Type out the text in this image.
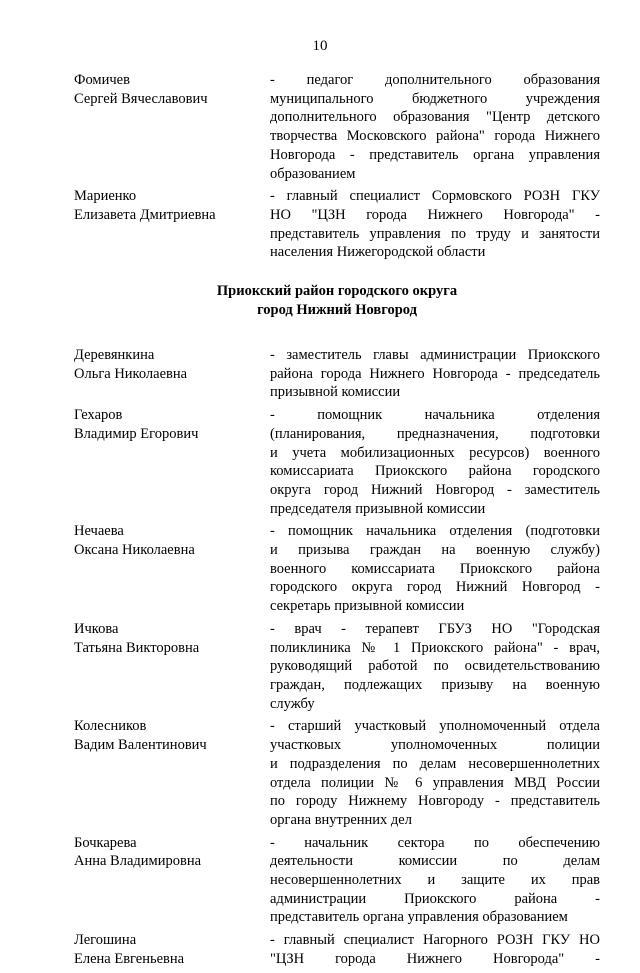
10
Фомичев
Сергей Вячеславович
- педагог дополнительного образования
муниципального бюджетного учреждения
дополнительного образования "Центр детского
творчества Московского района" города Нижнего
Новгорода - представитель органа управления
образованием
Мариенко
Елизавета Дмитриевна
- главный специалист Сормовского РОЗН ГКУ
НО "ЦЗН города Нижнего Новгорода" -
представитель управления по труду и занятости
населения Нижегородской области
Приокский район городского округа
город Нижний Новгород
Деревянкина
Ольга Николаевна
- заместитель главы администрации Приокского
района города Нижнего Новгорода - председатель
призывной комиссии
Гехаров
Владимир Егорович
- помощник начальника отделения
(планирования, предназначения, подготовки
и учета мобилизационных ресурсов) военного
комиссариата Приокского района городского
округа город Нижний Новгород - заместитель
председателя призывной комиссии
Нечаева
Оксана Николаевна
- помощник начальника отделения (подготовки
и призыва граждан на военную службу)
военного комиссариата Приокского района
городского округа город Нижний Новгород -
секретарь призывной комиссии
Ичкова
Татьяна Викторовна
- врач - терапевт ГБУЗ НО "Городская
поликлиника № 1 Приокского района" - врач,
руководящий работой по освидетельствованию
граждан, подлежащих призыву на военную
службу
Колесников
Вадим Валентинович
- старший участковый уполномоченный отдела
участковых уполномоченных полиции
и подразделения по делам несовершеннолетних
отдела полиции № 6 управления МВД России
по городу Нижнему Новгороду - представитель
органа внутренних дел
Бочкарева
Анна Владимировна
- начальник сектора по обеспечению
деятельности комиссии по делам
несовершеннолетних и защите их прав
администрации Приокского района -
представитель органа управления образованием
Легошина
Елена Евгеньевна
- главный специалист Нагорного РОЗН ГКУ НО
"ЦЗН города Нижнего Новгорода" -
